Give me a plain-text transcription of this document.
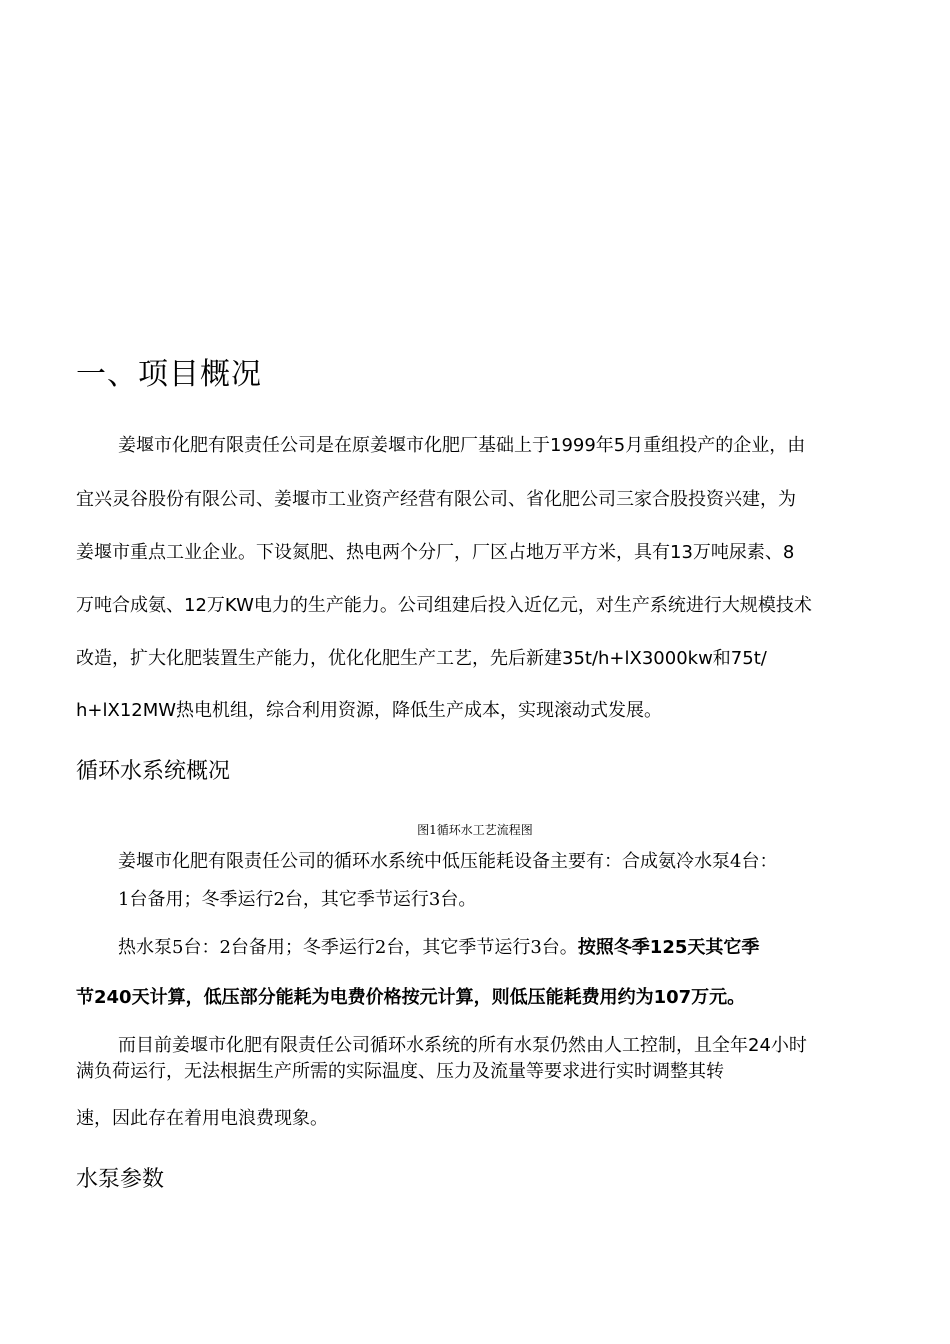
一、项目概况

姜堰市化肥有限责任公司是在原姜堰市化肥厂基础上于1999年5月重组投产的企业，由

宜兴灵谷股份有限公司、姜堰市工业资产经营有限公司、省化肥公司三家合股投资兴建，为

姜堰市重点工业企业。下设氮肥、热电两个分厂，厂区占地万平方米，具有13万吨尿素、8

万吨合成氨、12万KW电力的生产能力。公司组建后投入近亿元，对生产系统进行大规模技术

改造，扩大化肥装置生产能力，优化化肥生产工艺，先后新建35t/h+lX3000kw和75t/

h+lX12MW热电机组，综合利用资源，降低生产成本，实现滚动式发展。

循环水系统概况
图1循环水工艺流程图

姜堰市化肥有限责任公司的循环水系统中低压能耗设备主要有：合成氨冷水泵4台：

1台备用；冬季运行2台，其它季节运行3台。

热水泵5台：2台备用；冬季运行2台，其它季节运行3台。按照冬季125天其它季

节240天计算，低压部分能耗为电费价格按元计算，则低压能耗费用约为107万元。

而目前姜堰市化肥有限责任公司循环水系统的所有水泵仍然由人工控制，且全年24小时

满负荷运行，无法根据生产所需的实际温度、压力及流量等要求进行实时调整其转

速，因此存在着用电浪费现象。

水泵参数
